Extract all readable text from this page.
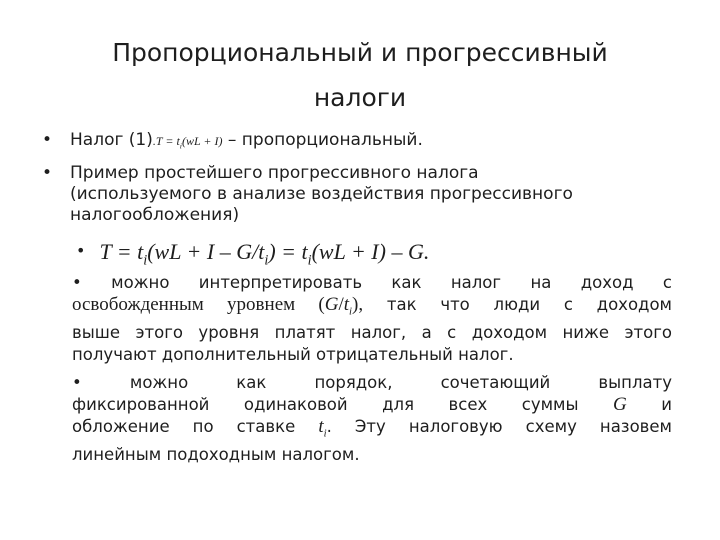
Пропорциональный и прогрессивный
налоги
• Налог $(1).T = t_i(wL + I)$ – пропорциональный.
• Пример простейшего прогрессивного налога
(используемого в анализе воздействия прогрессивного
налогообложения)
• $T = t_i(wL + I - G/t_i) = t_i(wL + I) - G$.
• можно интерпретировать как налог на доход с
освобожденным уровнем $(G/t_i)$, так что люди с доходом
выше этого уровня платят налог, а с доходом ниже этого
получают дополнительный отрицательный налог.
•	можно как порядок, сочетающий выплату
фиксированной одинаковой для всех суммы G и
обложение по ставке $t_i$. Эту налоговую схему назовем
линейным подоходным налогом.
